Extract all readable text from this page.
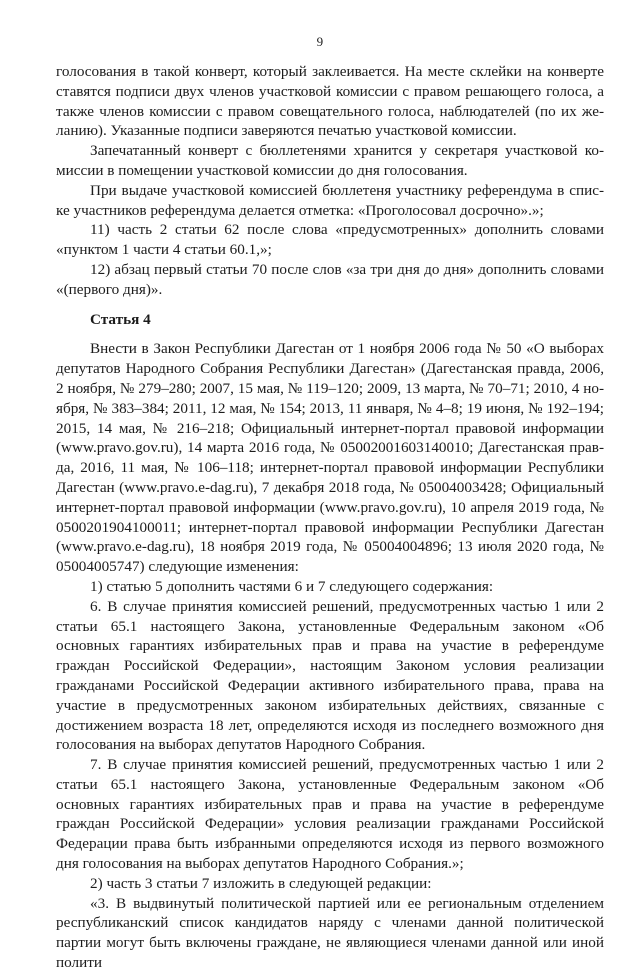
9

голосования в такой конверт, который заклеивается. На месте склейки на конверте ставятся подписи двух членов участковой комиссии с правом решающего голоса, а также членов комиссии с правом совещательного голоса, наблюдателей (по их желанию). Указанные подписи заверяются печатью участковой комиссии.

Запечатанный конверт с бюллетенями хранится у секретаря участковой комиссии в помещении участковой комиссии до дня голосования.

При выдаче участковой комиссией бюллетеня участнику референдума в списке участников референдума делается отметка: «Проголосовал досрочно».»;

11) часть 2 статьи 62 после слова «предусмотренных» дополнить словами «пунктом 1 части 4 статьи 60.1,»;

12) абзац первый статьи 70 после слов «за три дня до дня» дополнить словами «(первого дня)».

Статья 4

Внести в Закон Республики Дагестан от 1 ноября 2006 года № 50 «О выборах депутатов Народного Собрания Республики Дагестан» (Дагестанская правда, 2006, 2 ноября, № 279–280; 2007, 15 мая, № 119–120; 2009, 13 марта, № 70–71; 2010, 4 ноября, № 383–384; 2011, 12 мая, № 154; 2013, 11 января, № 4–8; 19 июня, № 192–194; 2015, 14 мая, № 216–218; Официальный интернет-портал правовой информации (www.pravo.gov.ru), 14 марта 2016 года, № 05002001603140010; Дагестанская правда, 2016, 11 мая, № 106–118; интернет-портал правовой информации Республики Дагестан (www.pravo.e-dag.ru), 7 декабря 2018 года, № 05004003428; Официальный интернет-портал правовой информации (www.pravo.gov.ru), 10 апреля 2019 года, № 0500201904100011; интернет-портал правовой информации Республики Дагестан (www.pravo.e-dag.ru), 18 ноября 2019 года, № 05004004896; 13 июля 2020 года, № 05004005747) следующие изменения:

1) статью 5 дополнить частями 6 и 7 следующего содержания:

6. В случае принятия комиссией решений, предусмотренных частью 1 или 2 статьи 65.1 настоящего Закона, установленные Федеральным законом «Об основных гарантиях избирательных прав и права на участие в референдуме граждан Российской Федерации», настоящим Законом условия реализации гражданами Российской Федерации активного избирательного права, права на участие в предусмотренных законом избирательных действиях, связанные с достижением возраста 18 лет, определяются исходя из последнего возможного дня голосования на выборах депутатов Народного Собрания.

7. В случае принятия комиссией решений, предусмотренных частью 1 или 2 статьи 65.1 настоящего Закона, установленные Федеральным законом «Об основных гарантиях избирательных прав и права на участие в референдуме граждан Российской Федерации» условия реализации гражданами Российской Федерации права быть избранными определяются исходя из первого возможного дня голосования на выборах депутатов Народного Собрания.»;

2) часть 3 статьи 7 изложить в следующей редакции:

«3. В выдвинутый политической партией или ее региональным отделением республиканский список кандидатов наряду с членами данной политической партии могут быть включены граждане, не являющиеся членами данной или иной полити
